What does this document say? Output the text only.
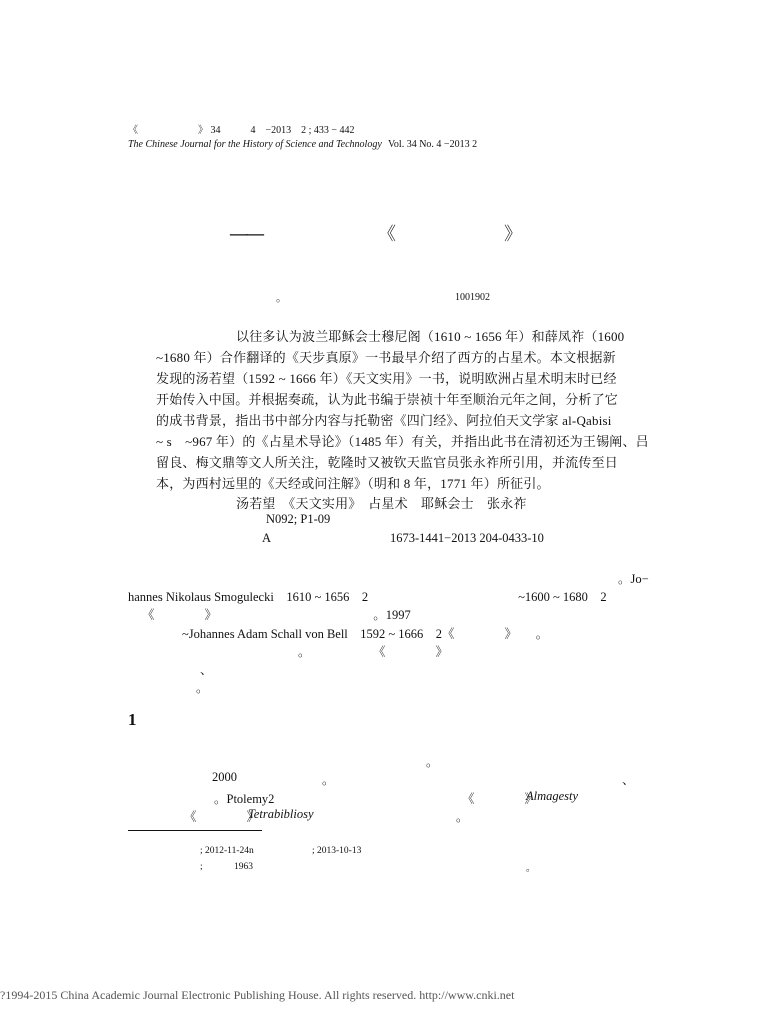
《　　　　　　》 34　　　4　−2013　2 ; 433 − 442
The Chinese Journal for the History of Science and Technology Vol. 34 No. 4 −2013 2
——	《　　　　　　》
。	1001902
以往多认为波兰耶稣会士穆尼阁（1610 ~ 1656 年）和薛凤祚（1600
~1680 年）合作翻译的《天步真原》一书最早介绍了西方的占星术。本文根据新
发现的汤若望（1592 ~ 1666 年）《天文实用》一书，说明欧洲占星术明末时已经
开始传入中国。并根据奏疏，认为此书编于崇祯十年至顺治元年之间，分析了它
的成书背景，指出书中部分内容与托勒密《四门经》、阿拉伯天文学家 al-Qabisi
~ s　~967 年）的《占星术导论》（1485 年）有关，并指出此书在清初还为王锡阐、吕
留良、梅文鼎等文人所关注，乾隆时又被钦天监官员张永祚所引用，并流传至日
本，为西村远里的《天经或问注解》（明和 8 年，1771 年）所征引。
汤若望　《天文实用》　占星术　耶稣会士　张永祚
N092; P1-09
A	1673-1441−2013 204-0433-10
。Jo−
hannes Nikolaus Smogulecki　1610 ~ 1656　2　　　　　　　　　　　　~1600 ~ 1680　2
《　　　　》　　　　　　　　　　　　　。1997
~Johannes Adam Schall von Bell　1592 ~ 1666　2《　　　　》　　。
。　　　　　　《　　　　》
、
。
1
。
2000	。	、
。Ptolemy2	《　　　　》
Almagesty
《　　　　》
Tetrabibliosy	。
; 2012-11-24n	; 2013-10-13
;	1963	。
?1994-2015 China Academic Journal Electronic Publishing House. All rights reserved. http://www.cnki.net
